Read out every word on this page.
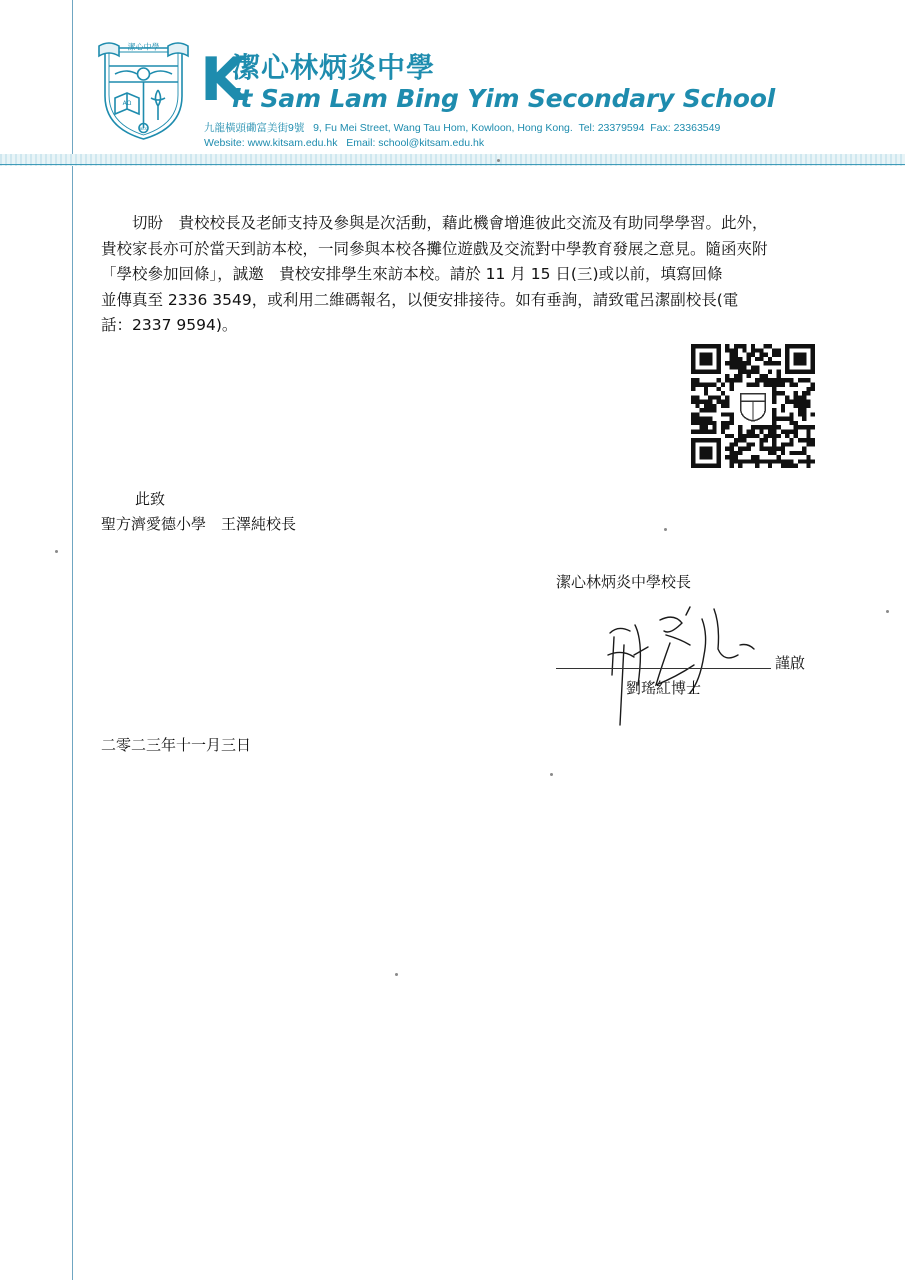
潔心中學
AΩ
BKS
K
潔心林炳炎中學
it Sam Lam Bing Yim Secondary School
九龍橫頭磡富美街9號   9, Fu Mei Street, Wang Tau Hom, Kowloon, Hong Kong.  Tel: 23379594  Fax: 23363549
Website: www.kitsam.edu.hk   Email: school@kitsam.edu.hk

　　切盼　貴校校長及老師支持及參與是次活動，藉此機會增進彼此交流及有助同學學習。此外，
貴校家長亦可於當天到訪本校，一同參與本校各攤位遊戲及交流對中學教育發展之意見。隨函夾附
「學校參加回條」，誠邀　貴校安排學生來訪本校。請於 11 月 15 日(三)或以前，填寫回條
並傳真至 2336 3549，或利用二維碼報名，以便安排接待。如有垂詢，請致電呂潔副校長(電
話：2337 9594)。

此致
聖方濟愛德小學　王澤純校長
潔心林炳炎中學校長
謹啟
劉瑤紅博士
二零二三年十一月三日
